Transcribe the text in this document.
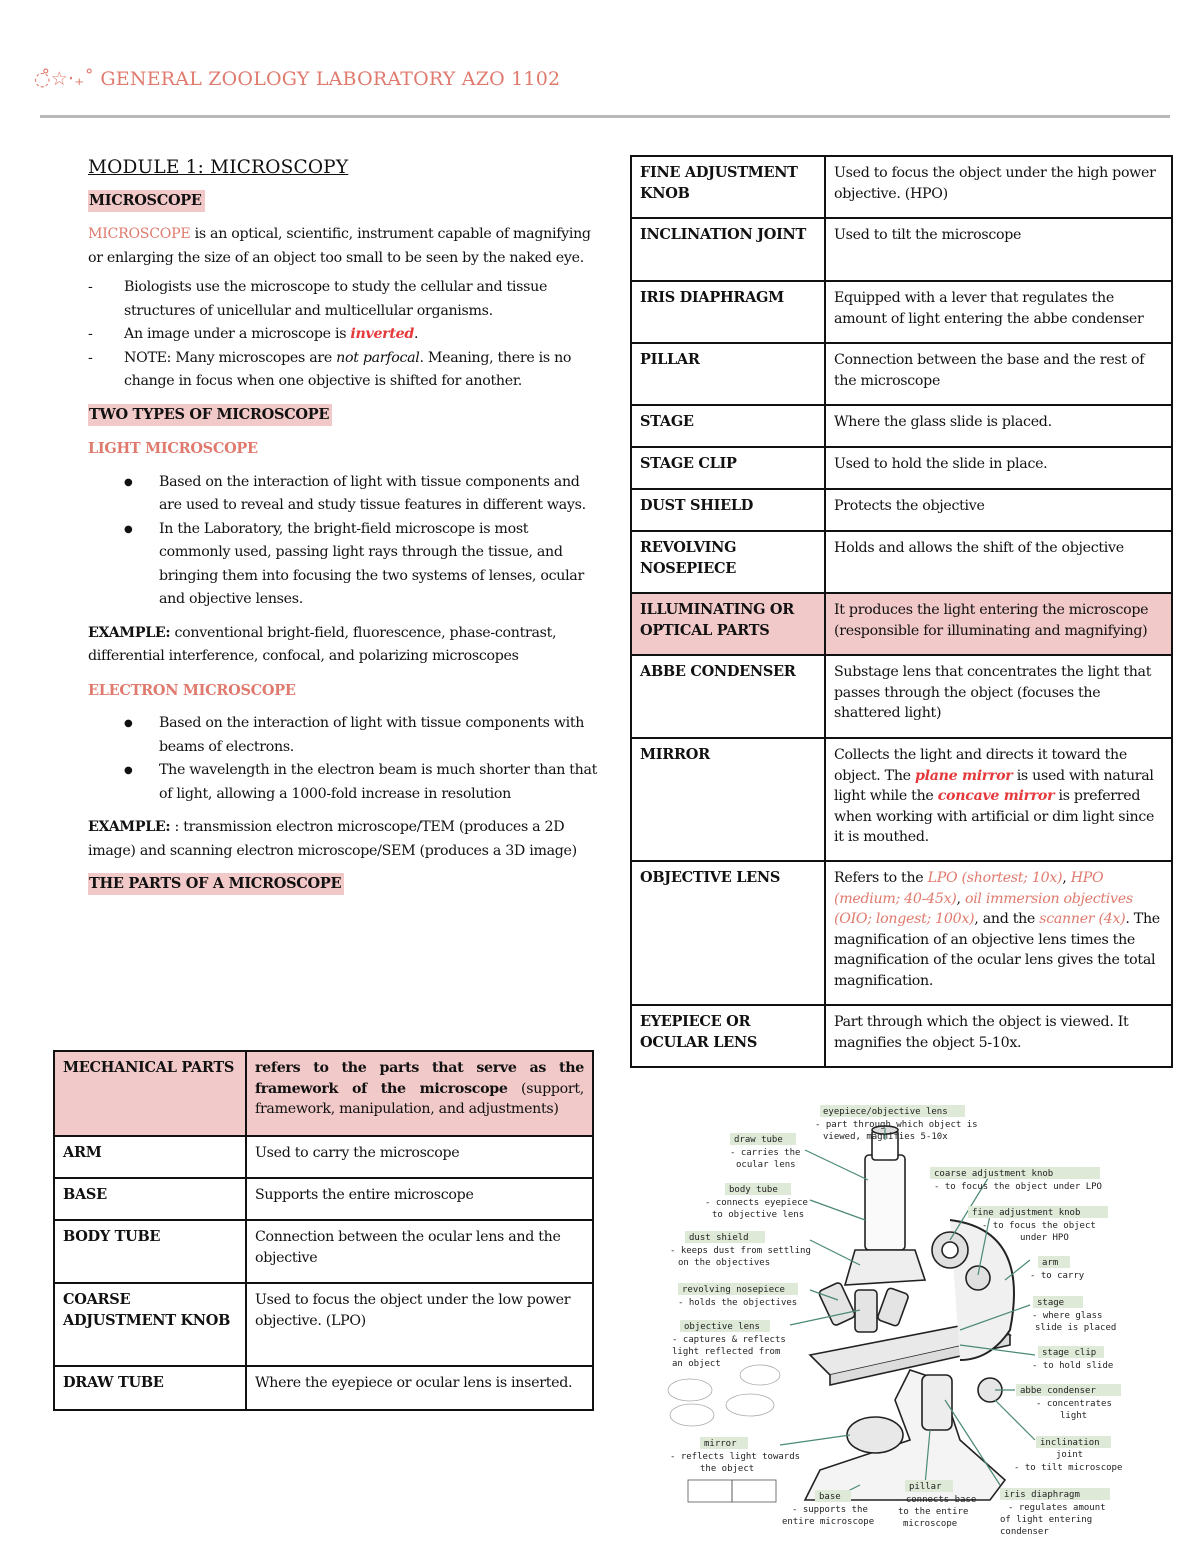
◌̊☆‧₊˚ GENERAL ZOOLOGY LABORATORY AZO 1102
MODULE 1: MICROSCOPY
MICROSCOPE

MICROSCOPE is an optical, scientific, instrument capable of magnifying or enlarging the size of an object too small to be seen by the naked eye.

- Biologists use the microscope to study the cellular and tissue structures of unicellular and multicellular organisms.
- An image under a microscope is inverted.
- NOTE: Many microscopes are not parfocal. Meaning, there is no change in focus when one objective is shifted for another.
TWO TYPES OF MICROSCOPE
LIGHT MICROSCOPE
● Based on the interaction of light with tissue components and are used to reveal and study tissue features in different ways.
● In the Laboratory, the bright-field microscope is most commonly used, passing light rays through the tissue, and bringing them into focusing the two systems of lenses, ocular and objective lenses.

EXAMPLE: conventional bright-field, fluorescence, phase-contrast, differential interference, confocal, and polarizing microscopes

ELECTRON MICROSCOPE
● Based on the interaction of light with tissue components with beams of electrons.
● The wavelength in the electron beam is much shorter than that of light, allowing a 1000-fold increase in resolution

EXAMPLE: : transmission electron microscope/TEM (produces a 2D image) and scanning electron microscope/SEM (produces a 3D image)

THE PARTS OF A MICROSCOPE
MECHANICAL PARTS	refers to the parts that serve as the framework of the microscope (support, framework, manipulation, and adjustments)
ARM	Used to carry the microscope
BASE	Supports the entire microscope
BODY TUBE	Connection between the ocular lens and the objective
COARSE ADJUSTMENT KNOB	Used to focus the object under the low power objective. (LPO)
DRAW TUBE	Where the eyepiece or ocular lens is inserted.
FINE ADJUSTMENT KNOB	Used to focus the object under the high power objective. (HPO)
INCLINATION JOINT	Used to tilt the microscope
IRIS DIAPHRAGM	Equipped with a lever that regulates the amount of light entering the abbe condenser
PILLAR	Connection between the base and the rest of the microscope
STAGE	Where the glass slide is placed.
STAGE CLIP	Used to hold the slide in place.
DUST SHIELD	Protects the objective
REVOLVING NOSEPIECE	Holds and allows the shift of the objective
ILLUMINATING OR OPTICAL PARTS	It produces the light entering the microscope (responsible for illuminating and magnifying)
ABBE CONDENSER	Substage lens that concentrates the light that passes through the object (focuses the shattered light)
MIRROR	Collects the light and directs it toward the object. The plane mirror is used with natural light while the concave mirror is preferred when working with artificial or dim light since it is mouthed.
OBJECTIVE LENS	Refers to the LPO (shortest; 10x), HPO (medium; 40-45x), oil immersion objectives (OIO; longest; 100x), and the scanner (4x). The magnification of an objective lens times the magnification of the ocular lens gives the total magnification.
EYEPIECE OR OCULAR LENS	Part through which the object is viewed. It magnifies the object 5-10x.
eyepiece/objective lens
- part through which object is
viewed, magnifies 5-10x
draw tube
- carries the
ocular lens
body tube
- connects eyepiece
to objective lens
dust shield
- keeps dust from settling
on the objectives
revolving nosepiece
- holds the objectives
objective lens
- captures & reflects
light reflected from
an object
coarse adjustment knob
- to focus the object under LPO
fine adjustment knob
- to focus the object
under HPO
arm
- to carry
stage
- where glass
slide is placed
stage clip
- to hold slide
abbe condenser
- concentrates
light
inclination
joint
- to tilt microscope
iris diaphragm
- regulates amount
of light entering
condenser
mirror
- reflects light towards
the object
base
- supports the
entire microscope
pillar
- connects base
to the entire
microscope
